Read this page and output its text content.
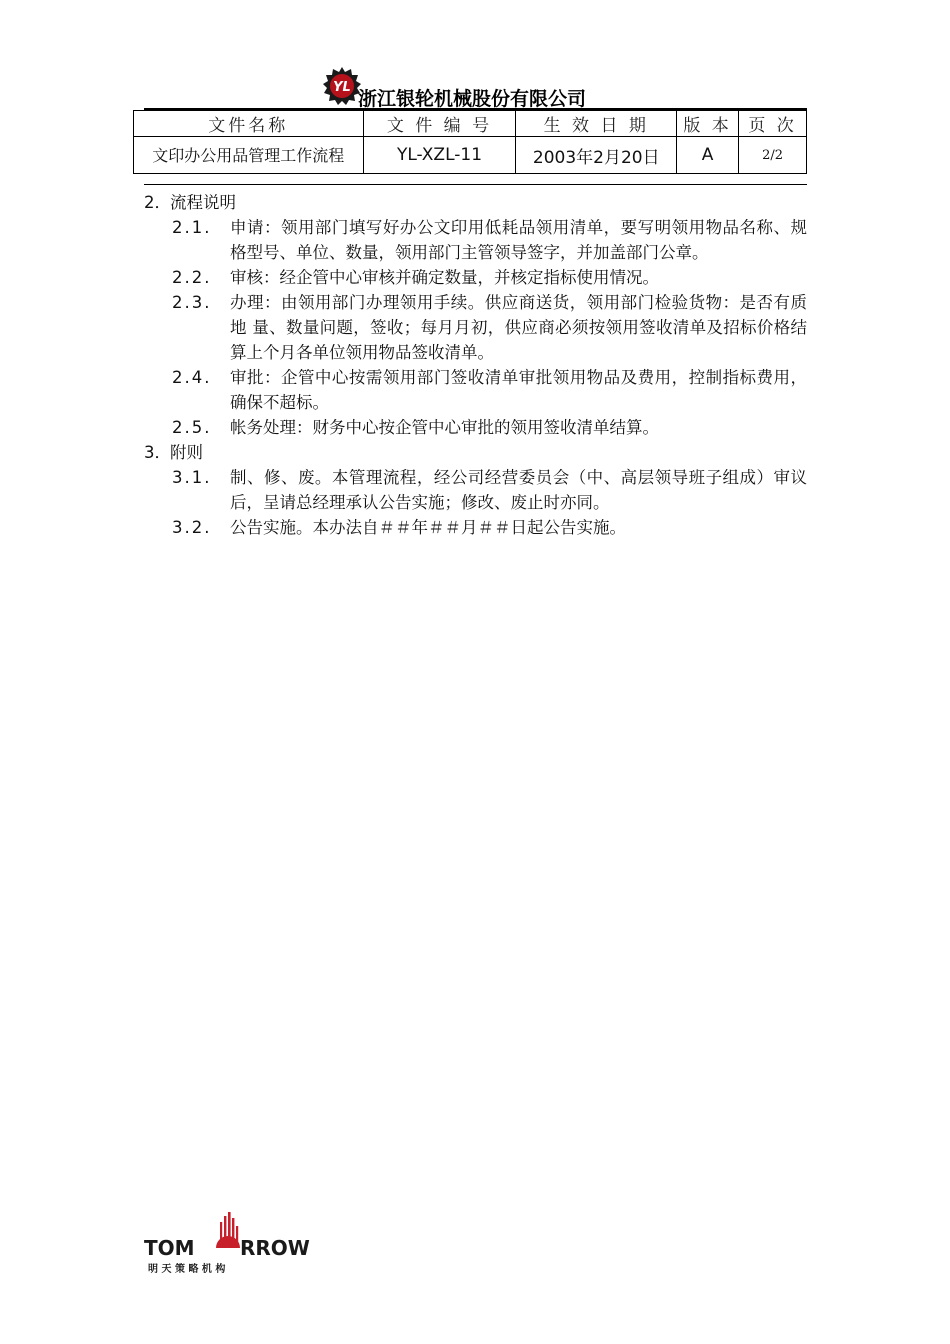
YL
浙江银轮机械股份有限公司
文件名称	文 件 编 号	生 效 日 期	版 本	页 次
文印办公用品管理工作流程	YL-XZL-11	2003年2月20日	A	2/2
2．流程说明
2.1. 申请：领用部门填写好办公文印用低耗品领用清单，要写明领用物品名称、规格型号、单位、数量，领用部门主管领导签字，并加盖部门公章。
2.2. 审核：经企管中心审核并确定数量，并核定指标使用情况。
2.3. 办理：由领用部门办理领用手续。供应商送货，领用部门检验货物：是否有质地 量、数量问题，签收；每月月初，供应商必须按领用签收清单及招标价格结算上个月各单位领用物品签收清单。
2.4. 审批：企管中心按需领用部门签收清单审批领用物品及费用，控制指标费用，确保不超标。
2.5. 帐务处理：财务中心按企管中心审批的领用签收清单结算。
3．附则
3.1. 制、修、废。本管理流程，经公司经营委员会（中、高层领导班子组成）审议后，呈请总经理承认公告实施；修改、废止时亦同。
3.2. 公告实施。本办法自＃＃年＃＃月＃＃日起公告实施。
TOM RROW
明 天 策 略 机 构
